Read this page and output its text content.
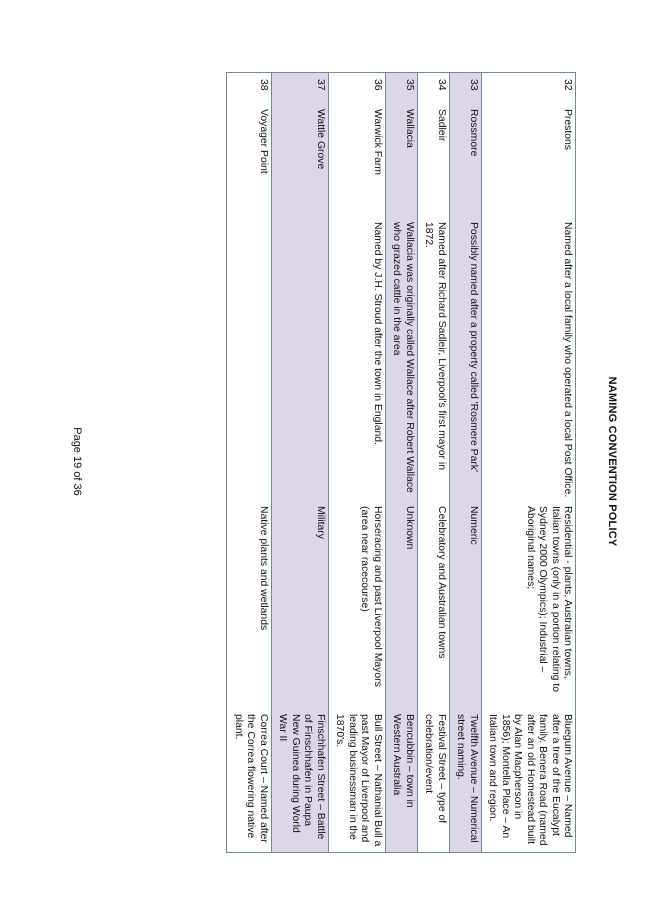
NAMING CONVENTION POLICY
32	Prestons	Named after a local family who operated a local Post Office.	Residential - plants, Australian towns, Italian towns (only in a portion relating to Sydney 2000 Olympics); Industrial – Aboriginal names;	Bluegum Avenue – Named after a tree of the Eucalypt family. Benera Road (named after an old Homestead built by Alan Macpherson in 1856); Montella Place – An Italian town and region.
33	Rossmore	Possibly named after a property called 'Rosmere Park'	Numeric	Twelfth Avenue – Numerical street naming.
34	Sadleir	Named after Richard Sadleir, Liverpool's first mayor in 1872.	Celebratory and Australian towns	Festival Street – type of celebration/event
35	Wallacia	Wallacia was originally called Wallace after Robert Wallace who grazed cattle in the area	Unknown	Bencubbin – town in Western Australia
36	Warwick Farm	Named by J.H. Stroud after the town in England.	Horseracing and past Liverpool Mayors (area near racecourse)	Bull Street – Nathanial Bull a past Mayor of Liverpool and leading businessman in the 1870's.
37	Wattle Grove		Military	Finschhafen Street – Battle of Finschhafen in Paupa New Guinea during World War II
38	Voyager Point		Native plants and wetlands	Correa Court – Named after the Correa flowering native plant.
Page 19 of 36
